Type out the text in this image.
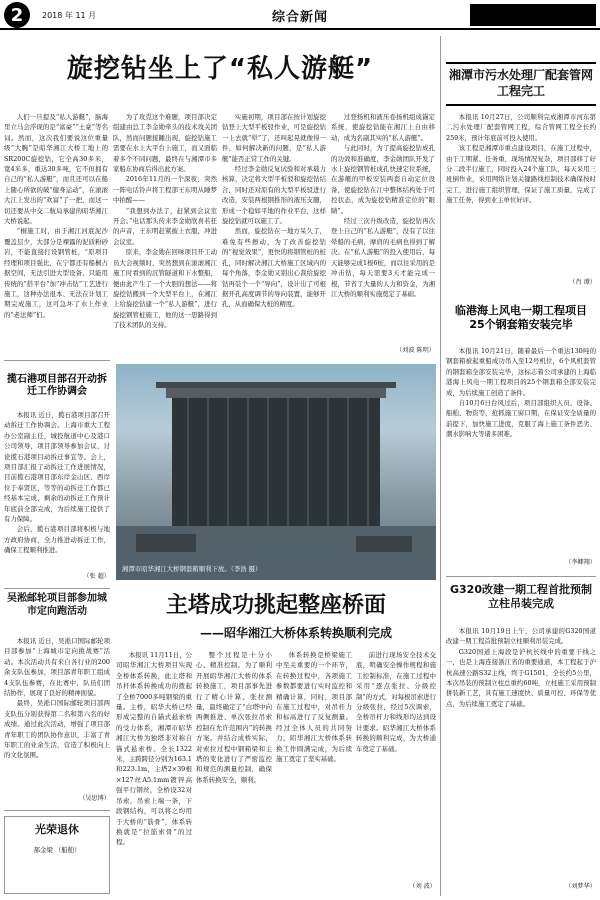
2 2018 年 11 月	综合新闻
旋挖钻坐上了“私人游艇”

人们一旦提及“私人游艇”，脑海里立马会浮现的是“富豪”“土豪”等名词。然而，这次我们要说这位重量级“大腕”是昭华湘江大桥工地上的SR200C旋挖钻，它全高30多米，宽4米多，重达30多吨，它不但拥有自己的“私人游艇”，而且还可以在船上随心所欲的破“健身运动”，在滚滚大江上发出的“欢富”了一把，而这一切还要从中交二航局承建的昭华湘江大桥说起。

“桐施工时，由于湘江河底泥沙覆盖层少，大部分是裸露的泥质粉砂岩，不能直接打设钢管桩，“原项目经理和项目强比，在宁都还有船桐占据空间，无法引进大型设备，只能用传统的“搭平台”加“冲击钻”工艺进行施工，这种办法很本、无法在计划工期完成施工，这可急坏了水上作业的“老法师”们。

为了攻克这个难题，项目部决定组建由总工李金勋牵头的技术攻关团队，然而问题接踵出现，旋挖钻施工需要在水上大平台上施工，而又面临着多个不同问题，最终在与湘潭市多家船东协商后得出此方案。

2016年11月的一个深夜，突然一阵电话铃声将工程部王东明从睡梦中拍醒——

“我想到办法了，赶紧到会议室开会。”电话那头传来李金勋欣喜若狂的声音，王东明赶紧披上衣服，冲进会议室。

原来，李金勋在回味项目开工动员大会视频时，突然想到在滚滚湘江施工时看到的沉管隧道和下水整船，便由此产生了一个大胆的想法——将旋挖钻搬到一个大型平台上，在湘江上给旋挖钻建一个“私人游艇”，进行旋挖钢管桩施工，他的这一思路得到了技术团队的支持。

实施初期，项目部在按计划旋挖钻登上大型平板驳作业，可是旋挖钻一上去就“晕”了，还叫起晃就像得一件，如何解决新的问题，是“私人游艇”能否正常工作的关键。

经过李金勋反复试验和对承载力核算，决定将大型平板驳和旋挖钻结合，同时还对原有的大型平板驳进行改造，安装两根钢推形的液压支腿，形成一个稳如平地的作业平台，这样旋挖钻就可以施工了。

然而，旋挖钻在一地方呆久了，难免有些擦动，为了改善旋挖钻的“视觉效果”，更快的将钢管桩的桩孔，同时解决湘江大桥施工区域内的每个角落，李金勋又别出心裁给旋挖钻再装个一个“导向”，设计出了可根据开孔高度调节的导向装置，能够开孔，从而确保大桩的精度。

过登扬机和液压卷扬机组成锚定系统，使旋挖钻能在湘江上自由移动，成为名副其实的“私人游艇”。

与此同时，为了提高旋挖钻成孔的功效和准确度，李金勋团队开发了水上旋挖钢管桩成孔快速定位系统，在游艇的甲板安装两套自动定位设备，使旋挖钻在江中整体结构处于可控状态，成为旋挖钻精准定位的“眼睛”。

经过三次升级改造，旋挖钻再次登上自己的“私人游艇”，没有了以往晕船的毛病，摩肩的毛病也得到了解决。在“私人游艇”的投入使用后，每天能够完成1根6桩，而以往采用的是冲击钻，每天需要3天才能完成一根，节省了大量的人力和资金，为湘江大桥的顺利实施奠定了基础。

（刘波 陈明）
揽石港项目部召开动拆迁工作协调会

本报讯 近日，揽石港项目部召开动拆迁工作协调会。上海市重大工程办公室副主任，城投航道中心及港口公司领导，项目部领导参加会议，讨论揽石港项目动拆迁事宜等。会上，项目部汇报了动拆迁工作进展情况，目前揽石港项目部东岸金山区、西岸位于奉贤区，等等的动拆迁工作都已经基本完成，剩余的动拆迁工作预计年底前全部完成，为后续施工提供了有力保障。

会后，揽石港项目部将积极与地方政府协商，全力推进动拆迁工作，确保工程顺利推进。

（张 超）
吴淞邮轮项目部参加城市定向跑活动

本报讯 近日，吴淞口国际邮轮项目部参加“上海城市定向挑战赛”活动。本次活动共有来自各行业的200余支队伍参加，项目部青年职工组成4支队伍参赛，在比赛中，队员们团结协作，展现了良好的精神面貌。

最终，吴淞口国际邮轮项目部两支队伍分别获得第二名和第六名的好成绩。通过此次活动，增强了项目部青年职工的团队协作意识，丰富了青年职工的业余生活，营造了积极向上的文化氛围。

（吴思博）
光荣退休
郝金梁 （船舶）
湘潭市昭华湘江大桥钢套箱顺利下放。（李浩 摄）
主塔成功挑起整座桥面
——昭华湘江大桥体系转换顺利完成

本报讯 11月11日，公司昭华湘江大桥项目实现全桥体系转换，此主塔和吊杆体系转换成功的拨起了全桥7000多吨钢梁的重量。主桥，昭华大桥已经形成完整的自锚式悬索桥的受力体系，湘潭市昭华湘江大桥为独塔非对称自锚式悬索桥。全长1322米，主跨跨径分别为163.1和223.1m，主塔2×39根×127丝A5.1mm镀锌高强平行钢丝，全桥设32对吊索，吊索上端一条，下段钢结构，可以将之均用于大桥的“筋骨”，体系转换就是“拉筋索骨”的过程。

整个过程是十分小心、精准控制。为了顺利开展昭华湘江大桥的体系转换施工，项目部事先进行了精心计算、张拉测量，最终确定了“白塔中向两侧推进、单次张拉吊索控制在允许范围内”的转换方案。并结合成桥实际，对索拉过程中钢箱梁和主塔的变化进行了严密监控和规范的测量控制，确保体系转换安全，顺利。

体系转换是桥梁施工中至关重要的一个环节，在转换过程中，各项施工参数都要进行实时监控和精确计算，同时，项目部在施工过程中，对吊杆力和标高进行了反复测量。经过全体人员的共同努力，昭华湘江大桥体系转换工作圆满完成，为后续施工奠定了坚实基础。

前进行现场安全技术交底，明确安全操作规程和施工控制标准，在施工过程中采用“逐点张拉、分级控制”的方式，对每根吊索进行分级张拉，经过5次调索，全桥吊杆力和线形均达到设计要求。昭华湘江大桥体系转换的顺利完成，为大桥通车奠定了基础。

（刘 波）
湘潭市污水处理厂配套管网工程完工

本报讯 10月27日，公司顺利完成湘潭市河东第二污水处理厂配套管网工程，综合管网工程全长约259米，预计年底前可投入使用。

该工程是湘潭市重点建设项目，在施工过程中，由于工期紧、任务重，现场情况复杂，项目部移了好分二段半行施工，同时投入24个施工队，每天采用三班倒作业，采用网络计划关键路线控制技术确保按时完工，进行施工组织管理，保证了施工质量，完成了施工任务，得到业主单位好评。

（肖 谭）
临港海上风电一期工程项目25个钢套箱安装完毕

本报讯 10月21日，随着最后一个重达130吨的钢套箱被起重船成功吊入至12号机位，6个风机套管的钢套箱全部安装完毕，这标志着公司承建的上海临港海上风电一期工程项目的25个钢套箱全部安装完成，为后续施工创造了条件。

自10月6日台风过后，项目部组织人员、设备、船舶、物资等，抢抓施工窗口期，在保证安全质量的前提下，加快施工进度，克服了海上施工条件恶劣、潮水影响大等诸多困难。

（李卿翔）
G320改建一期工程首批预制立柱吊装完成

本报讯 10月19日上午，公司承建的G320国道改建一期工程首批预制立柱顺利吊装完成。

G320国道上海段是沪杭长线中的重要干线之一，也是上海连接浙江省的重要通道，本工程起于沪杭高速公路S32主线，终于G1501，全长约5公里，本次吊装的预制立柱总重约60吨，立柱施工采用预制拼装新工艺，具有施工速度快、质量可控、环保等优点，为后续施工奠定了基础。

（刘梦华）
